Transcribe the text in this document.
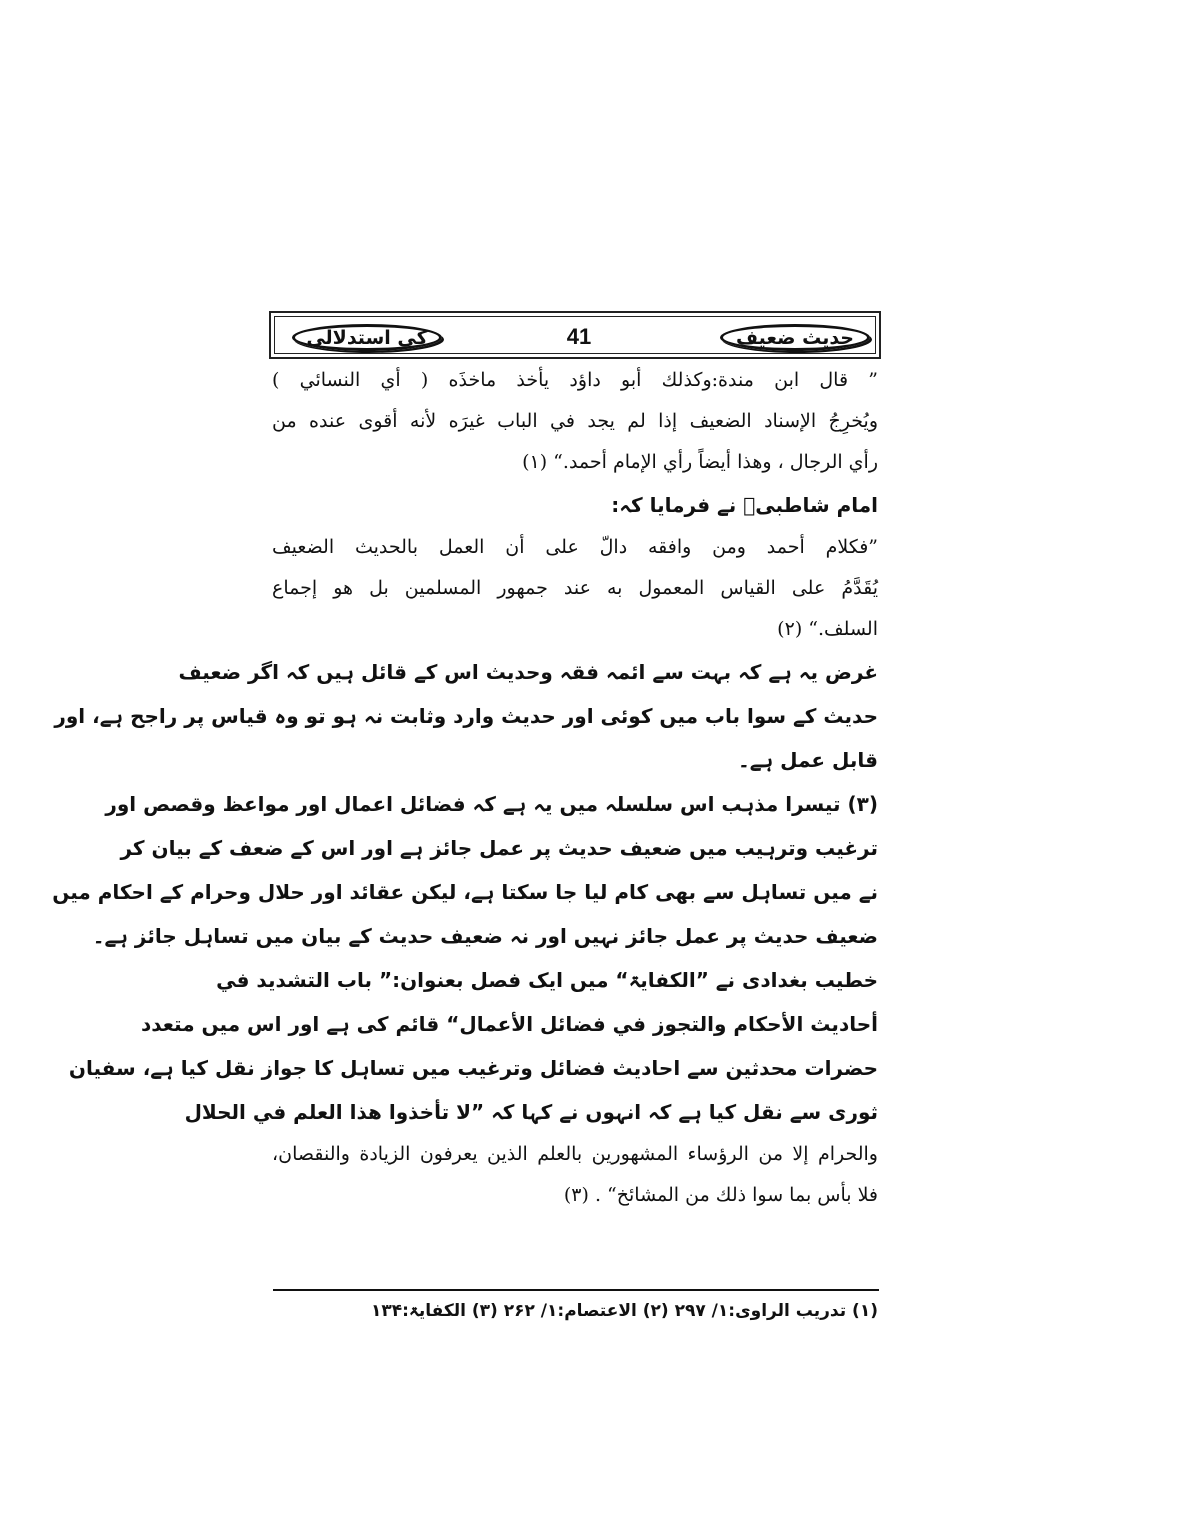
کی استدلالی	41	حدیث ضعیف
” قال ابن مندة:وكذلك أبو داؤد يأخذ ماخذَه ( أي النسائي )
ويُخرِجُ الإسناد الضعيف إذا لم يجد في الباب غيرَه لأنه أقوى عنده من
رأي الرجال ، وهذا أيضاً رأي الإمام أحمد.“ (۱)
امام شاطبیؒ نے فرمایا کہ:
”فكلام أحمد ومن وافقه دالّ على أن العمل بالحديث الضعيف
يُقَدَّمُ على القياس المعمول به عند جمهور المسلمين بل هو إجماع
السلف.“ (۲)
غرض یہ ہے کہ بہت سے ائمہ فقہ وحدیث اس کے قائل ہیں کہ اگر ضعیف
حدیث کے سوا باب میں کوئی اور حدیث وارد وثابت نہ ہو تو وہ قیاس پر راجح ہے، اور
قابل عمل ہے۔
(۳) تیسرا مذہب اس سلسلہ میں یہ ہے کہ فضائل اعمال اور مواعظ وقصص اور
ترغیب وترہیب میں ضعیف حدیث پر عمل جائز ہے اور اس کے ضعف کے بیان کر
نے میں تساہل سے بھی کام لیا جا سکتا ہے، لیکن عقائد اور حلال وحرام کے احکام میں
ضعیف حدیث پر عمل جائز نہیں اور نہ ضعیف حدیث کے بیان میں تساہل جائز ہے۔
خطیب بغدادی نے ”الکفایۃ“ میں ایک فصل بعنوان:” باب التشديد في
أحاديث الأحكام والتجوز في فضائل الأعمال“ قائم کی ہے اور اس میں متعدد
حضرات محدثین سے احادیث فضائل وترغیب میں تساہل کا جواز نقل کیا ہے، سفیان
ثوری سے نقل کیا ہے کہ انہوں نے کہا کہ ”لا تأخذوا هذا العلم في الحلال
والحرام إلا من الرؤساء المشهورين بالعلم الذين يعرفون الزيادة والنقصان،
فلا بأس بما سوا ذلك من المشائخ“ . (۳)
(۱) تدریب الراوی:۱/ ۲۹۷ (۲) الاعتصام:۱/ ۲۶۲ (۳) الکفایۃ:۱۳۴
